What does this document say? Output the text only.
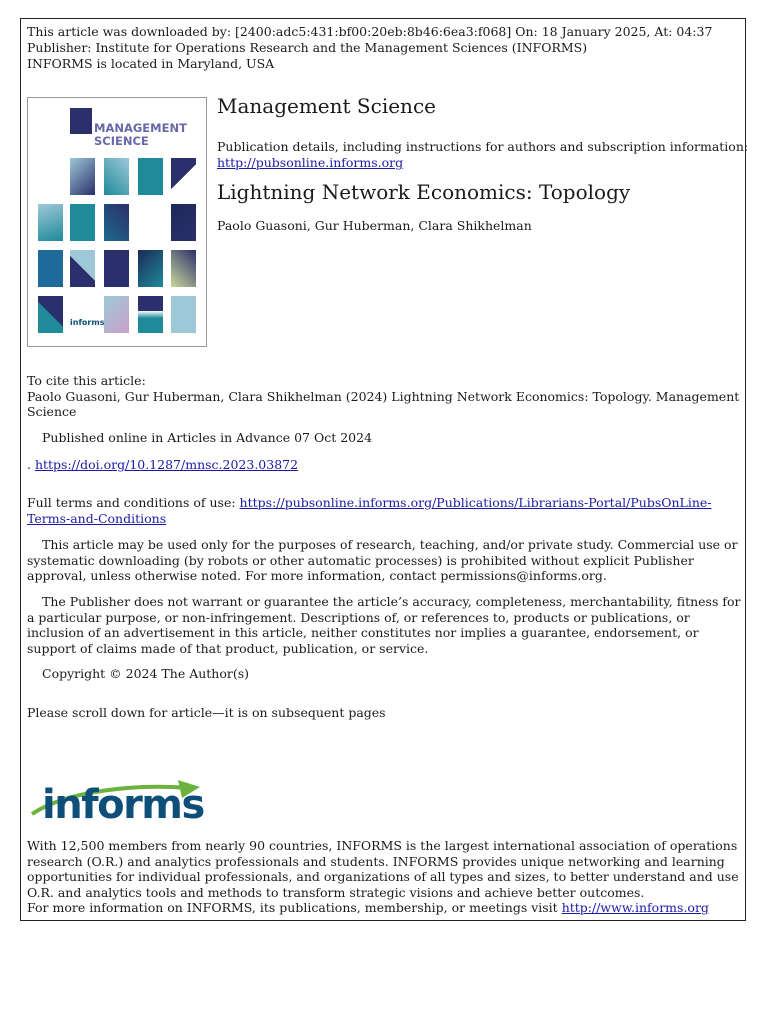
This article was downloaded by: [2400:adc5:431:bf00:20eb:8b46:6ea3:f068] On: 18 January 2025, At: 04:37
Publisher: Institute for Operations Research and the Management Sciences (INFORMS)
INFORMS is located in Maryland, USA
MANAGEMENT
SCIENCE
informs
Management Science
Publication details, including instructions for authors and subscription information:
http://pubsonline.informs.org
Lightning Network Economics: Topology
Paolo Guasoni, Gur Huberman, Clara Shikhelman
To cite this article:
Paolo Guasoni, Gur Huberman, Clara Shikhelman (2024) Lightning Network Economics: Topology. Management
Science
Published online in Articles in Advance 07 Oct 2024
. https://doi.org/10.1287/mnsc.2023.03872
Full terms and conditions of use: https://pubsonline.informs.org/Publications/Librarians-Portal/PubsOnLine-
Terms-and-Conditions
This article may be used only for the purposes of research, teaching, and/or private study. Commercial use or systematic downloading (by robots or other automatic processes) is prohibited without explicit Publisher approval, unless otherwise noted. For more information, contact permissions@informs.org.
The Publisher does not warrant or guarantee the article’s accuracy, completeness, merchantability, fitness for a particular purpose, or non-infringement. Descriptions of, or references to, products or publications, or inclusion of an advertisement in this article, neither constitutes nor implies a guarantee, endorsement, or support of claims made of that product, publication, or service.
Copyright © 2024 The Author(s)
Please scroll down for article—it is on subsequent pages
informs
With 12,500 members from nearly 90 countries, INFORMS is the largest international association of operations research (O.R.) and analytics professionals and students. INFORMS provides unique networking and learning opportunities for individual professionals, and organizations of all types and sizes, to better understand and use O.R. and analytics tools and methods to transform strategic visions and achieve better outcomes.
For more information on INFORMS, its publications, membership, or meetings visit http://www.informs.org
